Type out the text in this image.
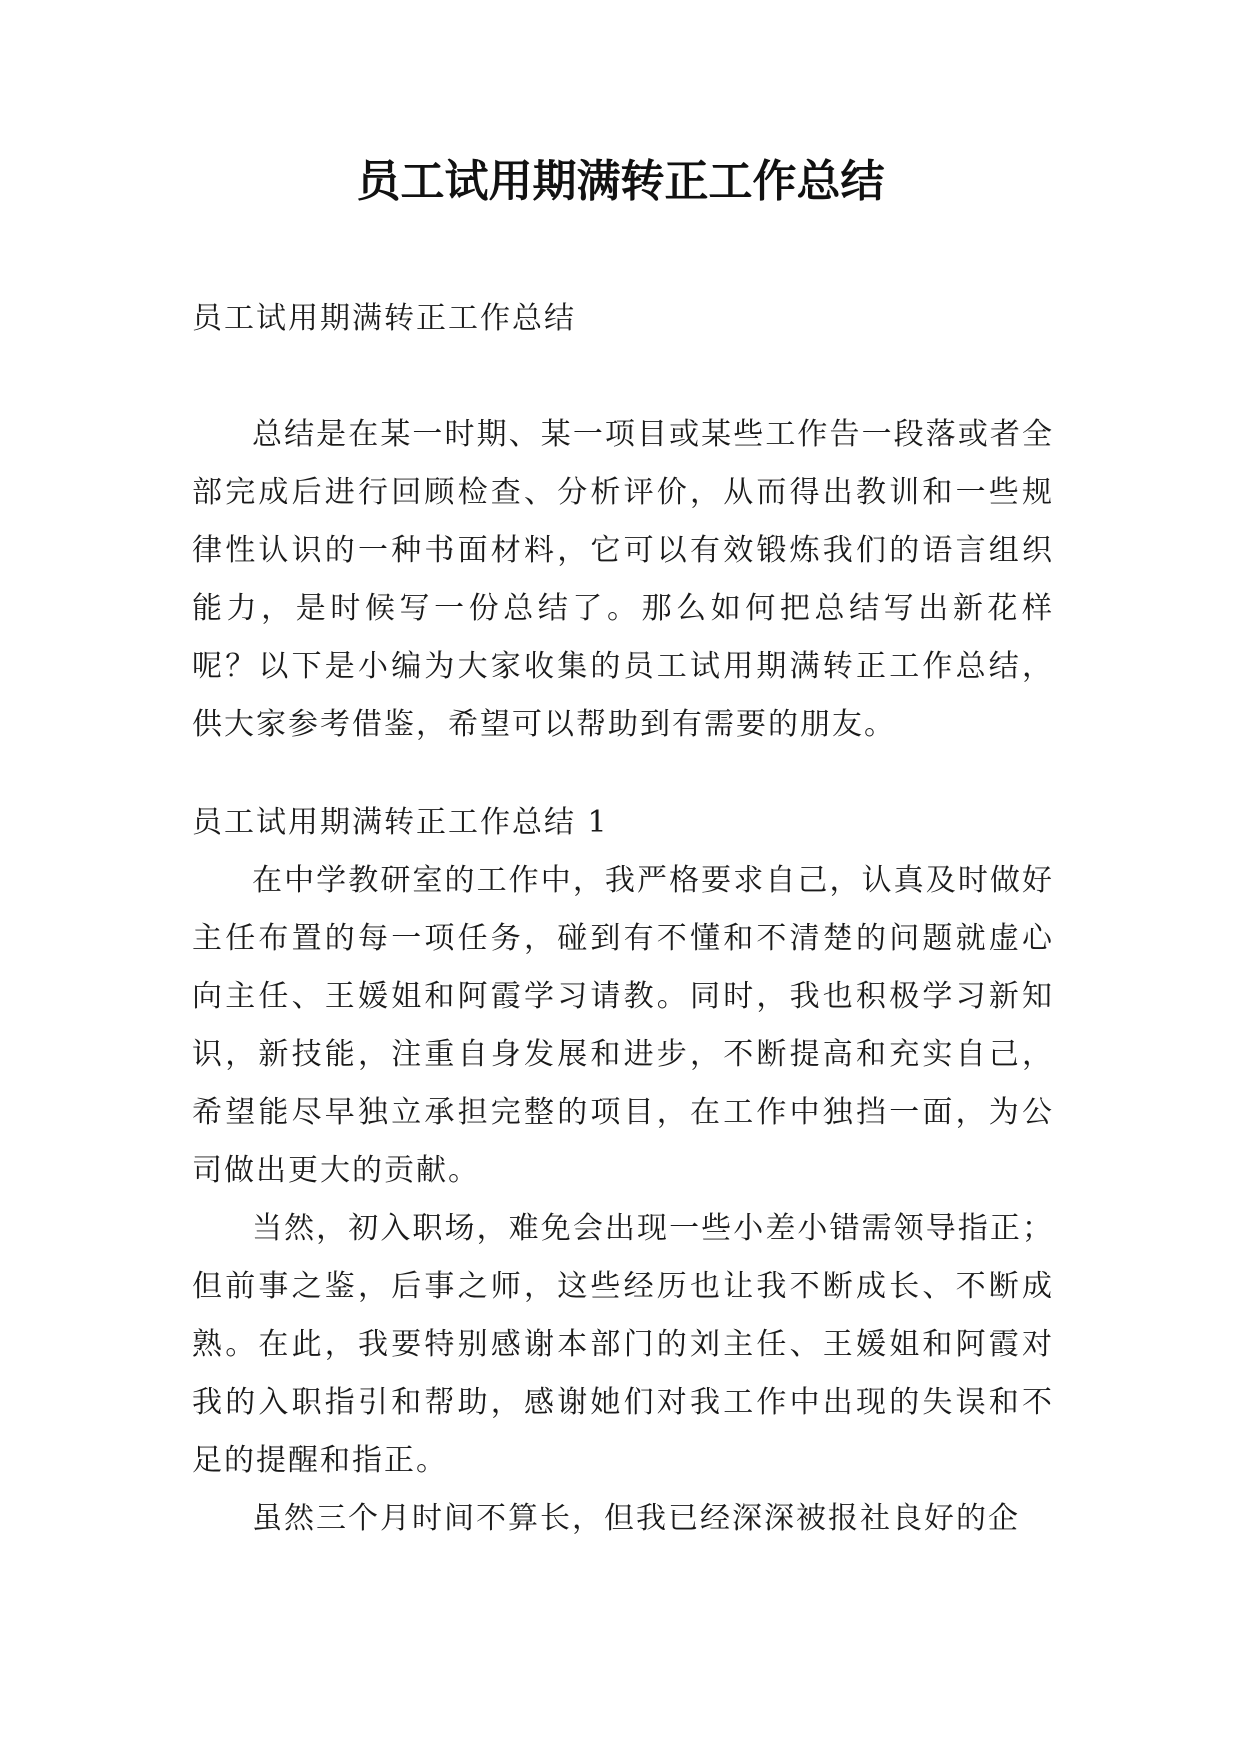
员工试用期满转正工作总结

员工试用期满转正工作总结

总结是在某一时期、某一项目或某些工作告一段落或者全部完成后进行回顾检查、分析评价，从而得出教训和一些规律性认识的一种书面材料，它可以有效锻炼我们的语言组织能力，是时候写一份总结了。那么如何把总结写出新花样呢？以下是小编为大家收集的员工试用期满转正工作总结，供大家参考借鉴，希望可以帮助到有需要的朋友。

员工试用期满转正工作总结 1

在中学教研室的工作中，我严格要求自己，认真及时做好主任布置的每一项任务，碰到有不懂和不清楚的问题就虚心向主任、王媛姐和阿霞学习请教。同时，我也积极学习新知识，新技能，注重自身发展和进步，不断提高和充实自己，希望能尽早独立承担完整的项目，在工作中独挡一面，为公司做出更大的贡献。

当然，初入职场，难免会出现一些小差小错需领导指正；但前事之鉴，后事之师，这些经历也让我不断成长、不断成熟。在此，我要特别感谢本部门的刘主任、王媛姐和阿霞对我的入职指引和帮助，感谢她们对我工作中出现的失误和不足的提醒和指正。

虽然三个月时间不算长，但我已经深深被报社良好的企
